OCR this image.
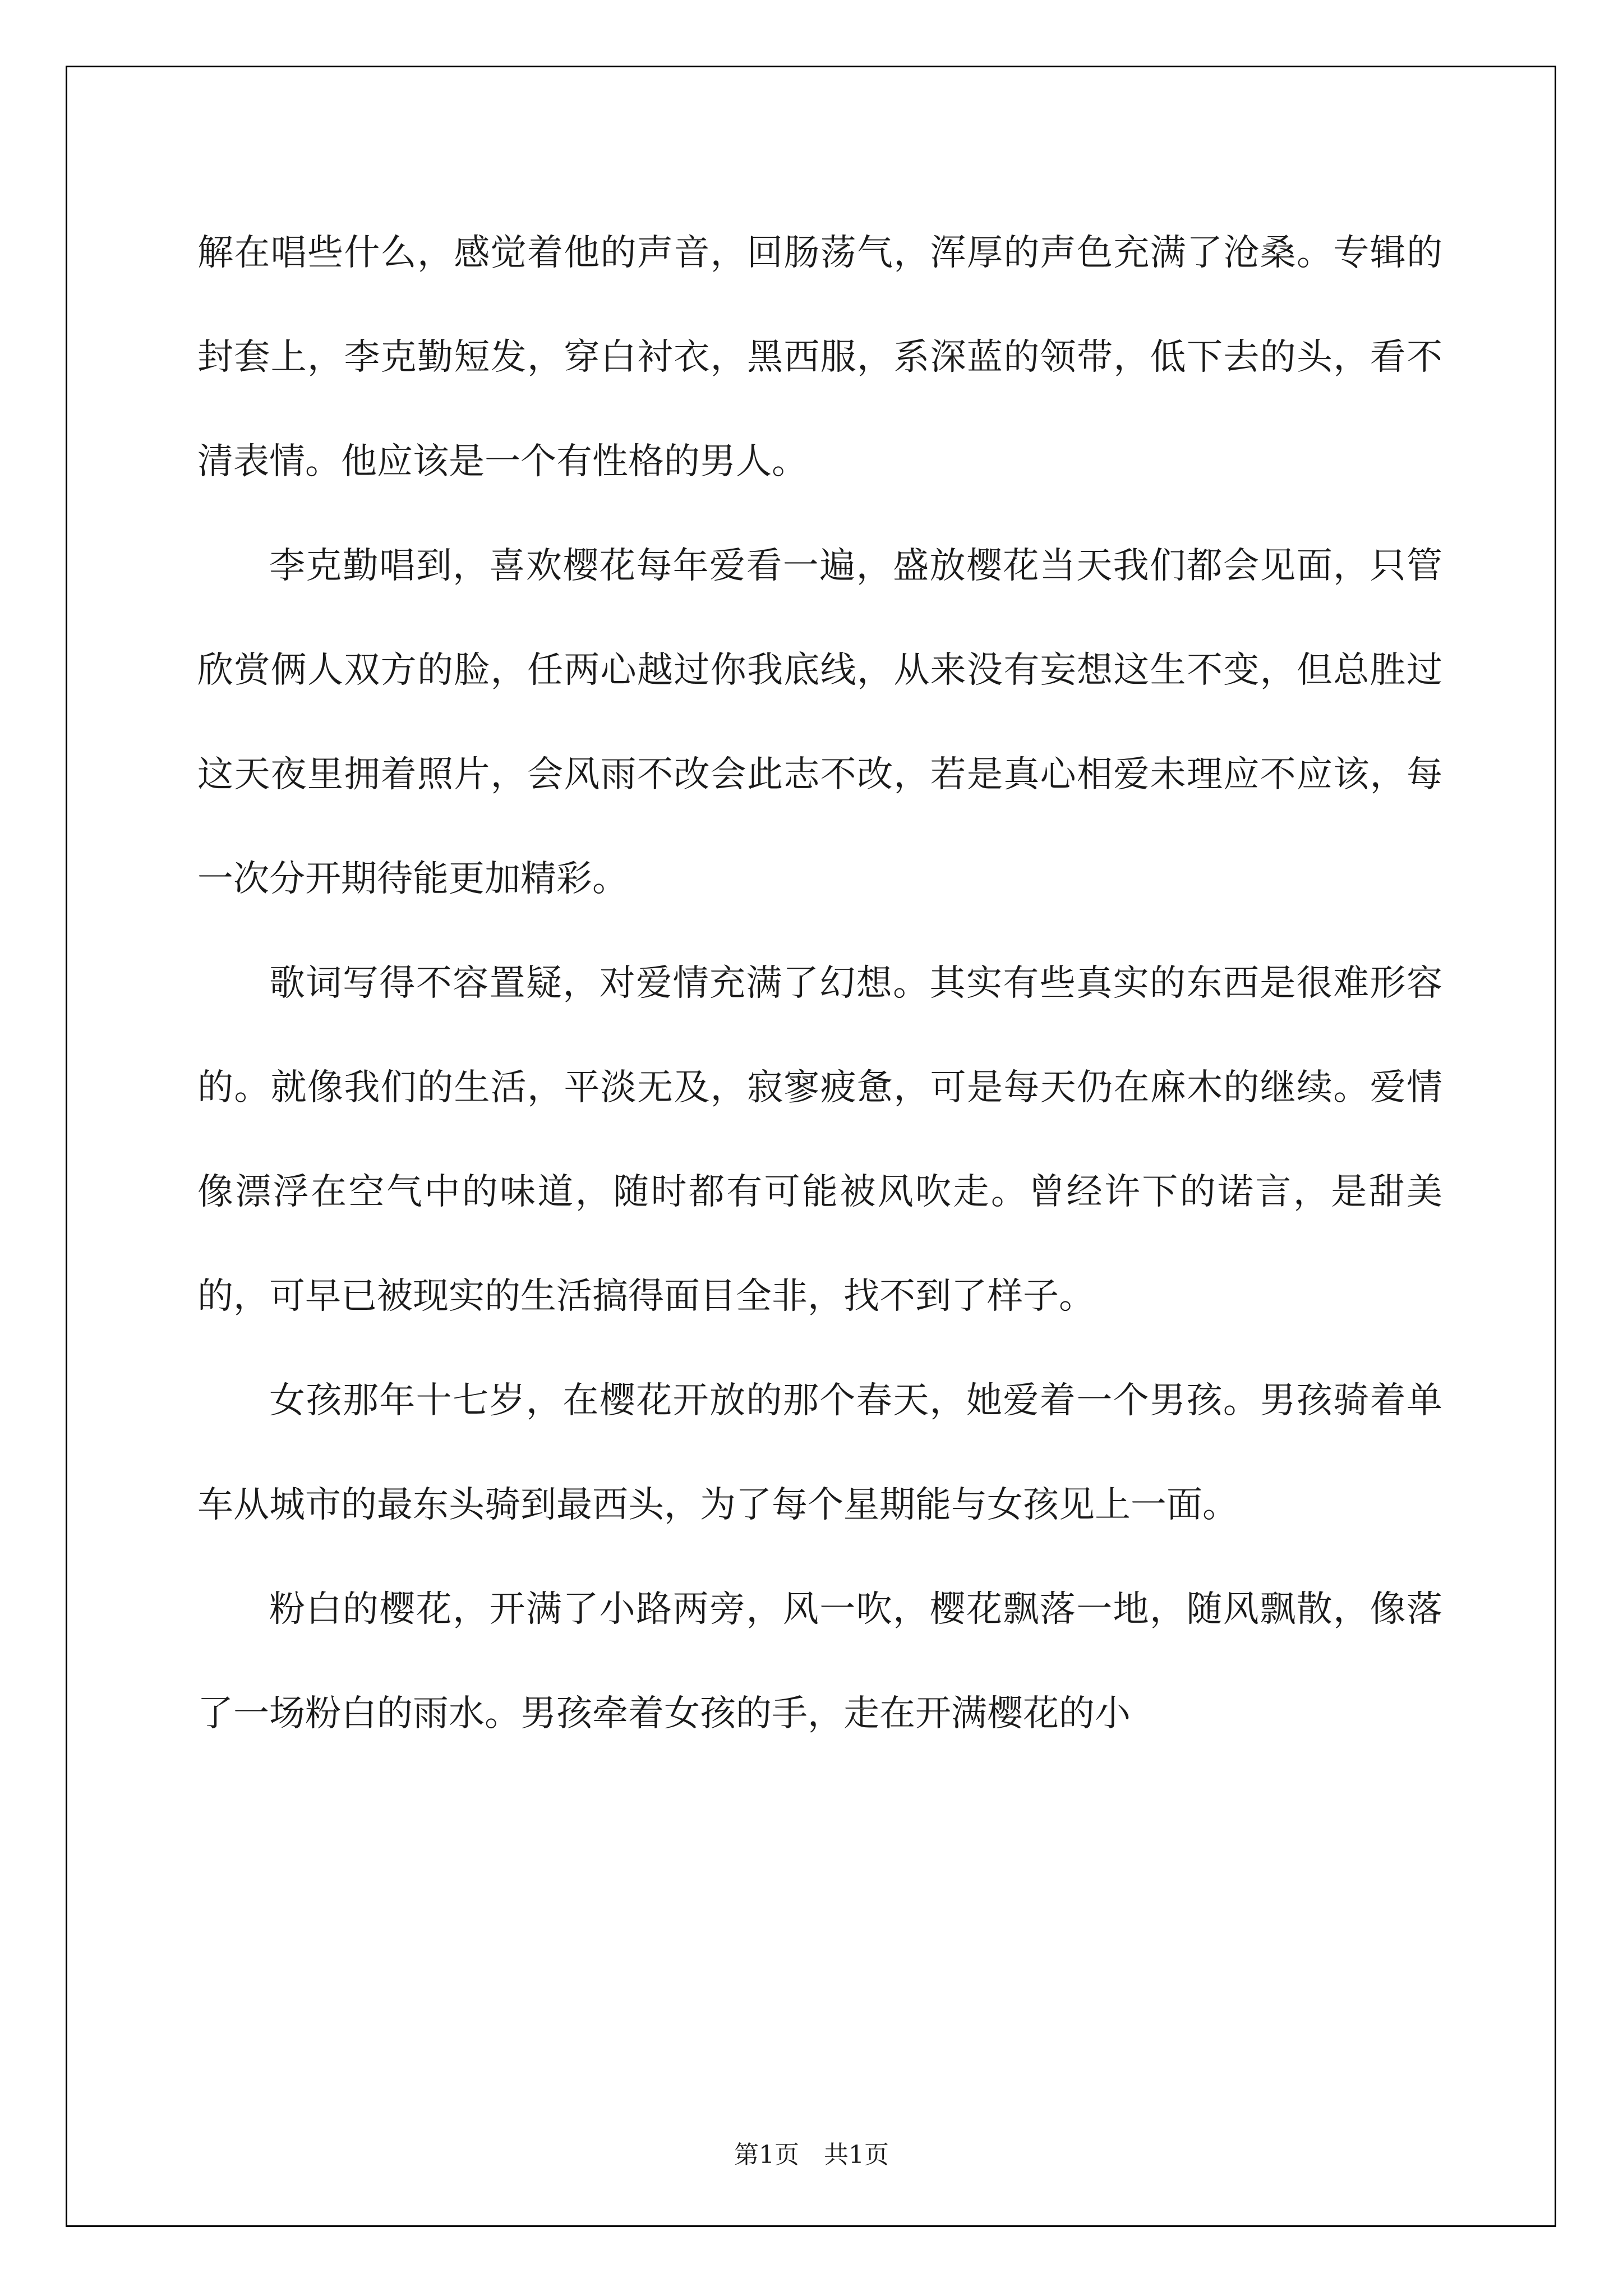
解在唱些什么，感觉着他的声音，回肠荡气，浑厚的声色充满了沧桑。专辑的封套上，李克勤短发，穿白衬衣，黑西服，系深蓝的领带，低下去的头，看不清表情。他应该是一个有性格的男人。

李克勤唱到，喜欢樱花每年爱看一遍，盛放樱花当天我们都会见面，只管欣赏俩人双方的脸，任两心越过你我底线，从来没有妄想这生不变，但总胜过这天夜里拥着照片，会风雨不改会此志不改，若是真心相爱未理应不应该，每一次分开期待能更加精彩。

歌词写得不容置疑，对爱情充满了幻想。其实有些真实的东西是很难形容的。就像我们的生活，平淡无及，寂寥疲惫，可是每天仍在麻木的继续。爱情像漂浮在空气中的味道，随时都有可能被风吹走。曾经许下的诺言，是甜美的，可早已被现实的生活搞得面目全非，找不到了样子。

女孩那年十七岁，在樱花开放的那个春天，她爱着一个男孩。男孩骑着单车从城市的最东头骑到最西头，为了每个星期能与女孩见上一面。

粉白的樱花，开满了小路两旁，风一吹，樱花飘落一地，随风飘散，像落了一场粉白的雨水。男孩牵着女孩的手，走在开满樱花的小

第1页　共1页
